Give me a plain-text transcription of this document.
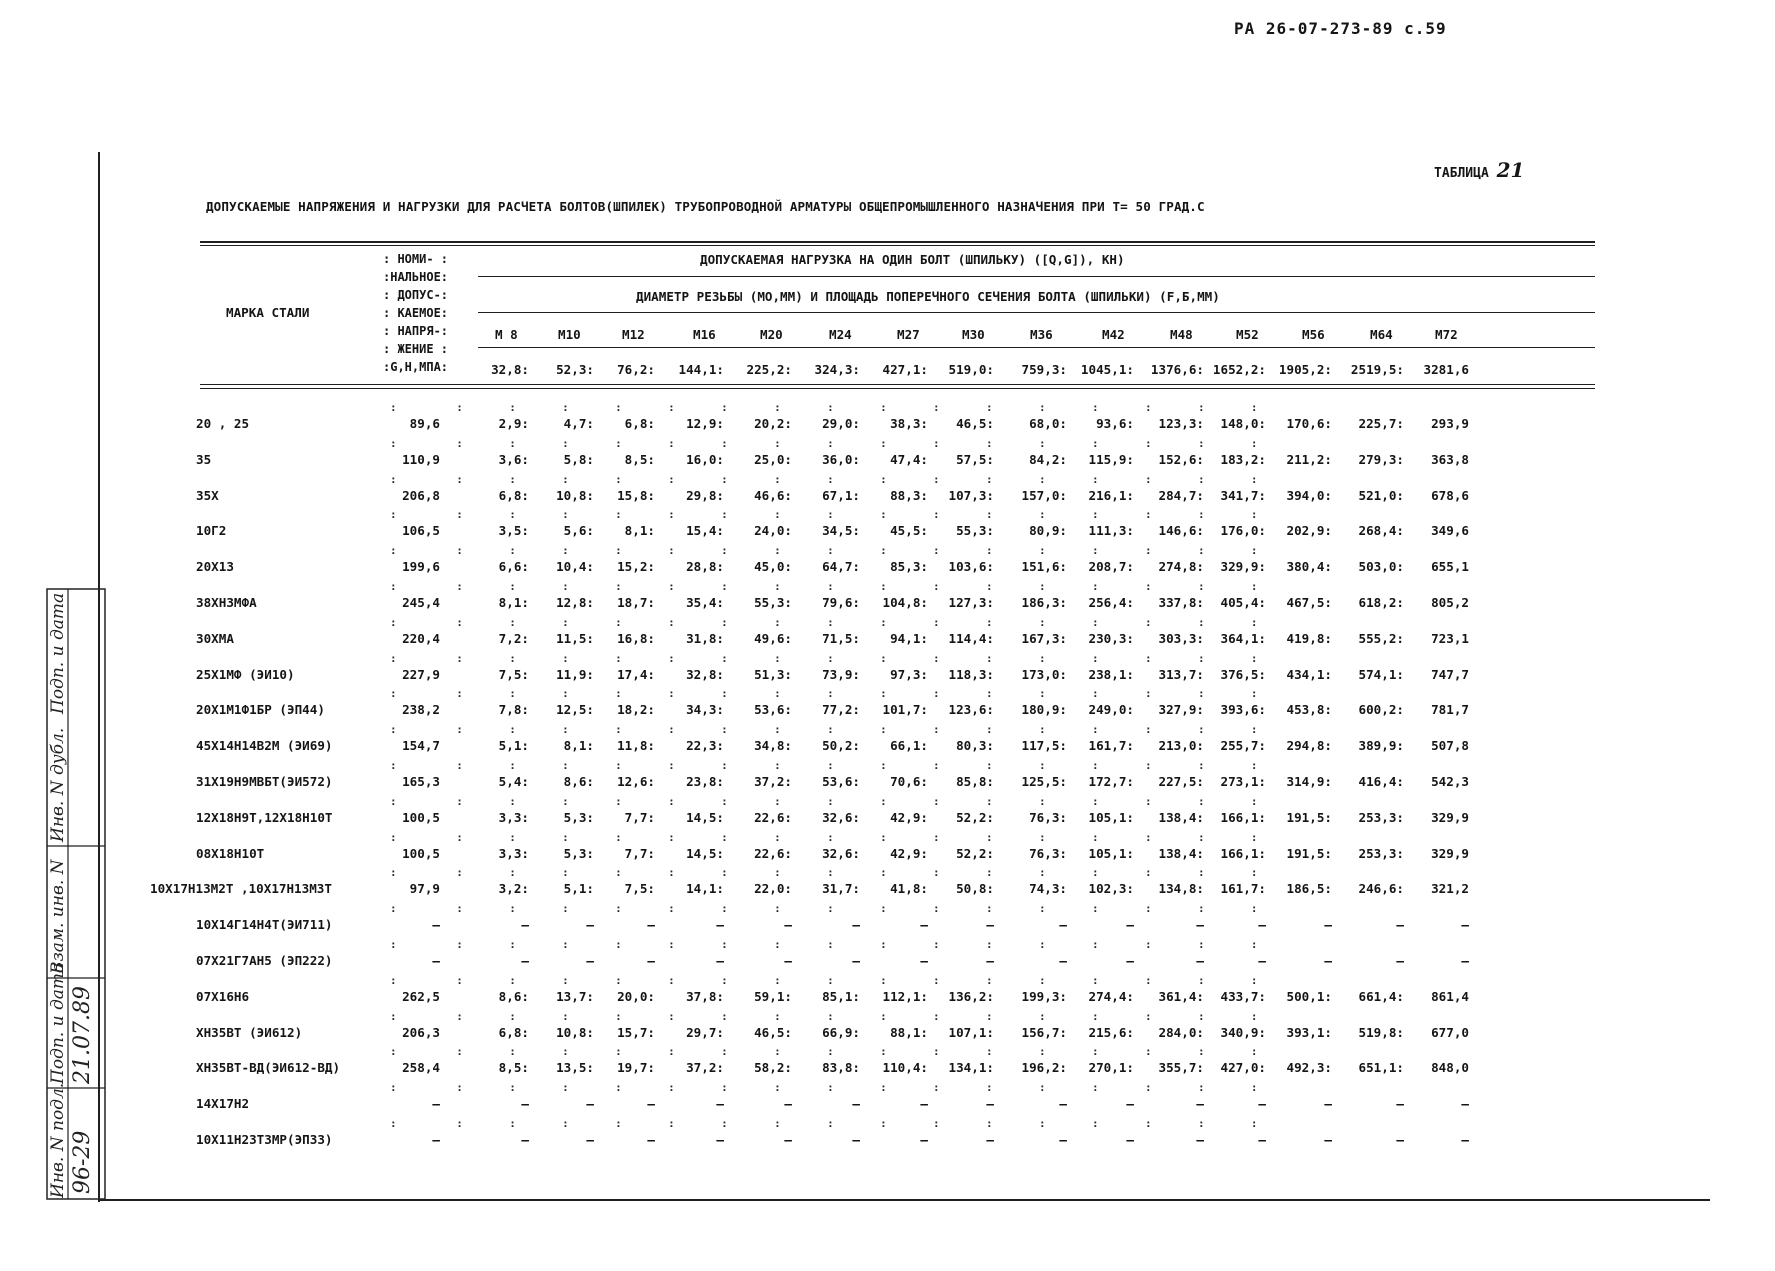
РА 26-07-273-89 с.59
ТАБЛИЦА 21
ДОПУСКАЕМЫЕ НАПРЯЖЕНИЯ И НАГРУЗКИ ДЛЯ РАСЧЕТА БОЛТОВ(ШПИЛЕК) ТРУБОПРОВОДНОЙ АРМАТУРЫ ОБЩЕПРОМЫШЛЕННОГО НАЗНАЧЕНИЯ ПРИ T= 50 ГРАД.С
МАРКА СТАЛИ
: НОМИ- :
:НАЛЬНОЕ:
: ДОПУС-:
: КАЕМОЕ:
: НАПРЯ-:
: ЖЕНИЕ :
:G,Н,МПА:
ДОПУСКАЕМАЯ НАГРУЗКА НА ОДИН БОЛТ (ШПИЛЬКУ) ([Q,G]), КН)
ДИАМЕТР РЕЗЬБЫ (МО,ММ) И ПЛОЩАДЬ ПОПЕРЕЧНОГО СЕЧЕНИЯ БОЛТА (ШПИЛЬКИ) (F,Б,ММ)
М 8	М10	М12	М16	М20	М24	М27	М30	М36	М42	М48	М52	М56	М64	М72
32,8: 52,3: 76,2: 144,1: 225,2: 324,3: 427,1: 519,0: 759,3: 1045,1: 1376,6: 1652,2: 1905,2: 2519,5: 3281,6
:         :       :       :       :       :       :       :       :       :       :       :       :       :       :       :       :
20 , 25	89,6	2,9:	4,7: 6,8: 12,9: 20,2: 29,0: 38,3: 46,5:	68,0: 93,6: 123,3: 148,0: 170,6: 225,7: 293,9
:         :       :       :       :       :       :       :       :       :       :       :       :       :       :       :       :
35	110,9	3,6:	5,8: 8,5: 16,0: 25,0: 36,0: 47,4: 57,5:	84,2: 115,9: 152,6: 183,2: 211,2: 279,3: 363,8
:         :       :       :       :       :       :       :       :       :       :       :       :       :       :       :       :
35Х	206,8	6,8: 10,8: 15,8: 29,8: 46,6: 67,1: 88,3: 107,3: 157,0: 216,1: 284,7: 341,7: 394,0: 521,0: 678,6
:         :       :       :       :       :       :       :       :       :       :       :       :       :       :       :       :
10Г2	106,5	3,5:	5,6: 8,1: 15,4: 24,0: 34,5: 45,5: 55,3:	80,9: 111,3: 146,6: 176,0: 202,9: 268,4: 349,6
:         :       :       :       :       :       :       :       :       :       :       :       :       :       :       :       :
20Х13	199,6	6,6: 10,4: 15,2: 28,8: 45,0: 64,7: 85,3: 103,6: 151,6: 208,7: 274,8: 329,9: 380,4: 503,0: 655,1
:         :       :       :       :       :       :       :       :       :       :       :       :       :       :       :       :
38ХН3МФА	245,4	8,1: 12,8: 18,7: 35,4: 55,3: 79,6: 104,8: 127,3: 186,3: 256,4: 337,8: 405,4: 467,5: 618,2: 805,2
:         :       :       :       :       :       :       :       :       :       :       :       :       :       :       :       :
30ХМА	220,4	7,2: 11,5: 16,8: 31,8: 49,6: 71,5: 94,1: 114,4: 167,3: 230,3: 303,3: 364,1: 419,8: 555,2: 723,1
:         :       :       :       :       :       :       :       :       :       :       :       :       :       :       :       :
25Х1МФ (ЭИ10)	227,9	7,5: 11,9: 17,4: 32,8: 51,3: 73,9: 97,3: 118,3: 173,0: 238,1: 313,7: 376,5: 434,1: 574,1: 747,7
:         :       :       :       :       :       :       :       :       :       :       :       :       :       :       :       :
20Х1М1Ф1БР (ЭП44)	238,2	7,8: 12,5: 18,2: 34,3: 53,6: 77,2: 101,7: 123,6: 180,9: 249,0: 327,9: 393,6: 453,8: 600,2: 781,7
:         :       :       :       :       :       :       :       :       :       :       :       :       :       :       :       :
45Х14Н14В2М (ЭИ69)	154,7	5,1:	8,1: 11,8: 22,3: 34,8: 50,2: 66,1: 80,3: 117,5: 161,7: 213,0: 255,7: 294,8: 389,9: 507,8
:         :       :       :       :       :       :       :       :       :       :       :       :       :       :       :       :
31Х19Н9МВБТ(ЭИ572)	165,3	5,4:	8,6: 12,6: 23,8: 37,2: 53,6: 70,6: 85,8: 125,5: 172,7: 227,5: 273,1: 314,9: 416,4: 542,3
:         :       :       :       :       :       :       :       :       :       :       :       :       :       :       :       :
12Х18Н9Т,12Х18Н10Т	100,5	3,3:	5,3: 7,7: 14,5: 22,6: 32,6: 42,9: 52,2:	76,3: 105,1: 138,4: 166,1: 191,5: 253,3: 329,9
:         :       :       :       :       :       :       :       :       :       :       :       :       :       :       :       :
08Х18Н10Т	100,5	3,3:	5,3: 7,7: 14,5: 22,6: 32,6: 42,9: 52,2:	76,3: 105,1: 138,4: 166,1: 191,5: 253,3: 329,9
:         :       :       :       :       :       :       :       :       :       :       :       :       :       :       :       :
10Х17Н13М2Т ,10Х17Н13М3Т	97,9	3,2:	5,1: 7,5: 14,1: 22,0: 31,7: 41,8: 50,8:	74,3: 102,3: 134,8: 161,7: 186,5: 246,6: 321,2
:         :       :       :       :       :       :       :       :       :       :       :       :       :       :       :       :
10Х14Г14Н4Т(ЭИ711)	—	—	—	—	—	—	—	—	—	—	—	—	—	—	—	—
:         :       :       :       :       :       :       :       :       :       :       :       :       :       :       :       :
07Х21Г7АН5 (ЭП222)	—	—	—	—	—	—	—	—	—	—	—	—	—	—	—	—
:         :       :       :       :       :       :       :       :       :       :       :       :       :       :       :       :
07Х16Н6	262,5	8,6: 13,7: 20,0: 37,8: 59,1: 85,1: 112,1: 136,2: 199,3: 274,4: 361,4: 433,7: 500,1: 661,4: 861,4
:         :       :       :       :       :       :       :       :       :       :       :       :       :       :       :       :
ХН35ВТ (ЭИ612)	206,3	6,8: 10,8: 15,7: 29,7: 46,5: 66,9: 88,1: 107,1: 156,7: 215,6: 284,0: 340,9: 393,1: 519,8: 677,0
:         :       :       :       :       :       :       :       :       :       :       :       :       :       :       :       :
ХН35ВТ-ВД(ЭИ612-ВД)	258,4	8,5: 13,5: 19,7: 37,2: 58,2: 83,8: 110,4: 134,1: 196,2: 270,1: 355,7: 427,0: 492,3: 651,1: 848,0
:         :       :       :       :       :       :       :       :       :       :       :       :       :       :       :       :
14Х17Н2	—	—	—	—	—	—	—	—	—	—	—	—	—	—	—	—
:         :       :       :       :       :       :       :       :       :       :       :       :       :       :       :       :
10Х11Н23Т3МР(ЭП33)	—	—	—	—	—	—	—	—	—	—	—	—	—	—	—	—
Инв. N подл.
Подп. и дата
Взам. инв. N
Инв. N дубл.
Подп. и дата
96-29
21.07.89
